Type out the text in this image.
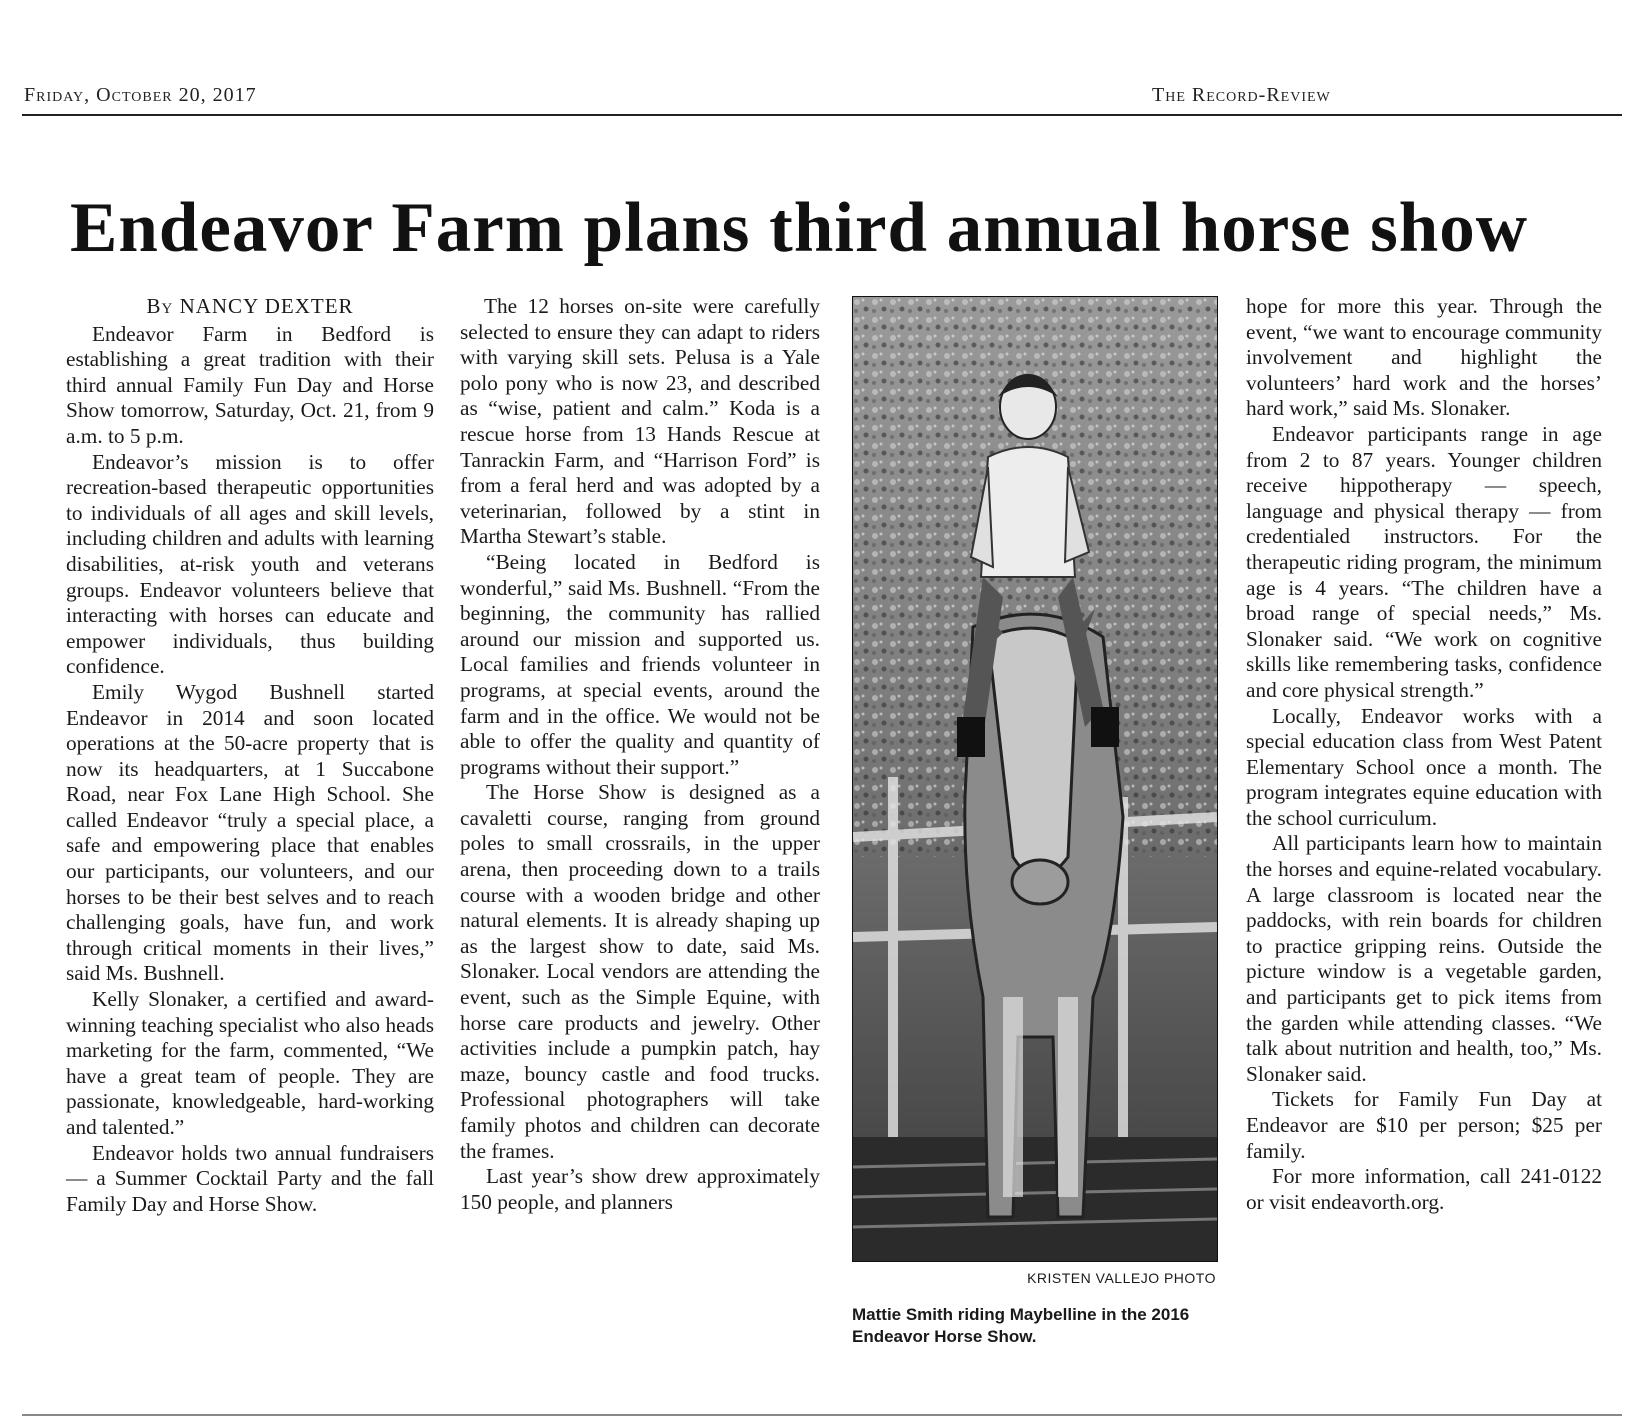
Friday, October 20, 2017	The Record-Review
Endeavor Farm plans third annual horse show
By NANCY DEXTER

Endeavor Farm in Bedford is establishing a great tradition with their third annual Family Fun Day and Horse Show tomorrow, Saturday, Oct. 21, from 9 a.m. to 5 p.m.

Endeavor’s mission is to offer recreation-based therapeutic opportunities to individuals of all ages and skill levels, including children and adults with learning disabilities, at-risk youth and veterans groups. Endeavor volunteers believe that interacting with horses can educate and empower individuals, thus building confidence.

Emily Wygod Bushnell started Endeavor in 2014 and soon located operations at the 50-acre property that is now its headquarters, at 1 Succabone Road, near Fox Lane High School. She called Endeavor “truly a special place, a safe and empowering place that enables our participants, our volunteers, and our horses to be their best selves and to reach challenging goals, have fun, and work through critical moments in their lives,” said Ms. Bushnell.

Kelly Slonaker, a certified and award-winning teaching specialist who also heads marketing for the farm, commented, “We have a great team of people. They are passionate, knowledgeable, hard-working and talented.”

Endeavor holds two annual fundraisers — a Summer Cocktail Party and the fall Family Day and Horse Show.

The 12 horses on-site were carefully selected to ensure they can adapt to riders with varying skill sets. Pelusa is a Yale polo pony who is now 23, and described as “wise, patient and calm.” Koda is a rescue horse from 13 Hands Rescue at Tanrackin Farm, and “Harrison Ford” is from a feral herd and was adopted by a veterinarian, followed by a stint in Martha Stewart’s stable.

“Being located in Bedford is wonderful,” said Ms. Bushnell. “From the beginning, the community has rallied around our mission and supported us. Local families and friends volunteer in programs, at special events, around the farm and in the office. We would not be able to offer the quality and quantity of programs without their support.”

The Horse Show is designed as a cavaletti course, ranging from ground poles to small crossrails, in the upper arena, then proceeding down to a trails course with a wooden bridge and other natural elements. It is already shaping up as the largest show to date, said Ms. Slonaker. Local vendors are attending the event, such as the Simple Equine, with horse care products and jewelry. Other activities include a pumpkin patch, hay maze, bouncy castle and food trucks. Professional photographers will take family photos and children can decorate the frames.

Last year’s show drew approximately 150 people, and planners

KRISTEN VALLEJO PHOTO
Mattie Smith riding Maybelline in the 2016 Endeavor Horse Show.

hope for more this year. Through the event, “we want to encourage community involvement and highlight the volunteers’ hard work and the horses’ hard work,” said Ms. Slonaker.

Endeavor participants range in age from 2 to 87 years. Younger children receive hippotherapy — speech, language and physical therapy — from credentialed instructors. For the therapeutic riding program, the minimum age is 4 years. “The children have a broad range of special needs,” Ms. Slonaker said. “We work on cognitive skills like remembering tasks, confidence and core physical strength.”

Locally, Endeavor works with a special education class from West Patent Elementary School once a month. The program integrates equine education with the school curriculum.

All participants learn how to maintain the horses and equine-related vocabulary. A large classroom is located near the paddocks, with rein boards for children to practice gripping reins. Outside the picture window is a vegetable garden, and participants get to pick items from the garden while attending classes. “We talk about nutrition and health, too,” Ms. Slonaker said.

Tickets for Family Fun Day at Endeavor are $10 per person; $25 per family.

For more information, call 241-0122 or visit endeavorth.org.
